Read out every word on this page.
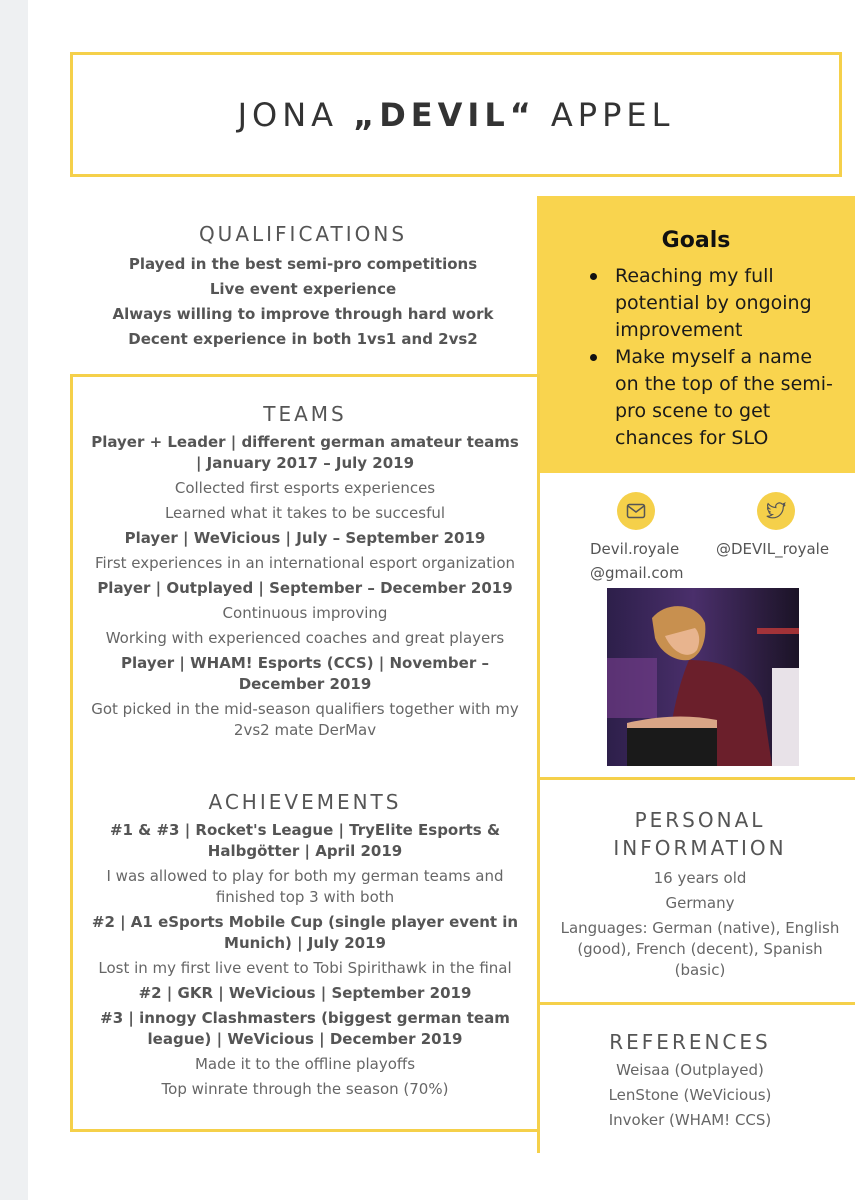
JONA „DEVIL“ APPEL
QUALIFICATIONS
Played in the best semi-pro competitions
Live event experience
Always willing to improve through hard work
Decent experience in both 1vs1 and 2vs2
Goals
Reaching my full potential by ongoing improvement
Make myself a name on the top of the semi-pro scene to get chances for SLO
TEAMS
Player + Leader | different german amateur teams | January 2017 – July 2019
Collected first esports experiences
Learned what it takes to be succesful
Player | WeVicious | July – September 2019
First experiences in an international esport organization
Player | Outplayed | September – December 2019
Continuous improving
Working with experienced coaches and great players
Player | WHAM! Esports (CCS) | November – December 2019
Got picked in the mid-season qualifiers together with my 2vs2 mate DerMav
ACHIEVEMENTS
#1 & #3 | Rocket's League | TryElite Esports & Halbgötter | April 2019
I was allowed to play for both my german teams and finished top 3 with both
#2 | A1 eSports Mobile Cup (single player event in Munich) | July 2019
Lost in my first live event to Tobi Spirithawk in the final
#2 | GKR | WeVicious | September 2019
#3 | innogy Clashmasters (biggest german team league) | WeVicious | December 2019
Made it to the offline playoffs
Top winrate through the season (70%)
Devil.royale
@gmail.com
@DEVIL_royale
PERSONAL
INFORMATION
16 years old
Germany
Languages: German (native), English (good), French (decent), Spanish (basic)
REFERENCES
Weisaa (Outplayed)
LenStone (WeVicious)
Invoker (WHAM! CCS)
